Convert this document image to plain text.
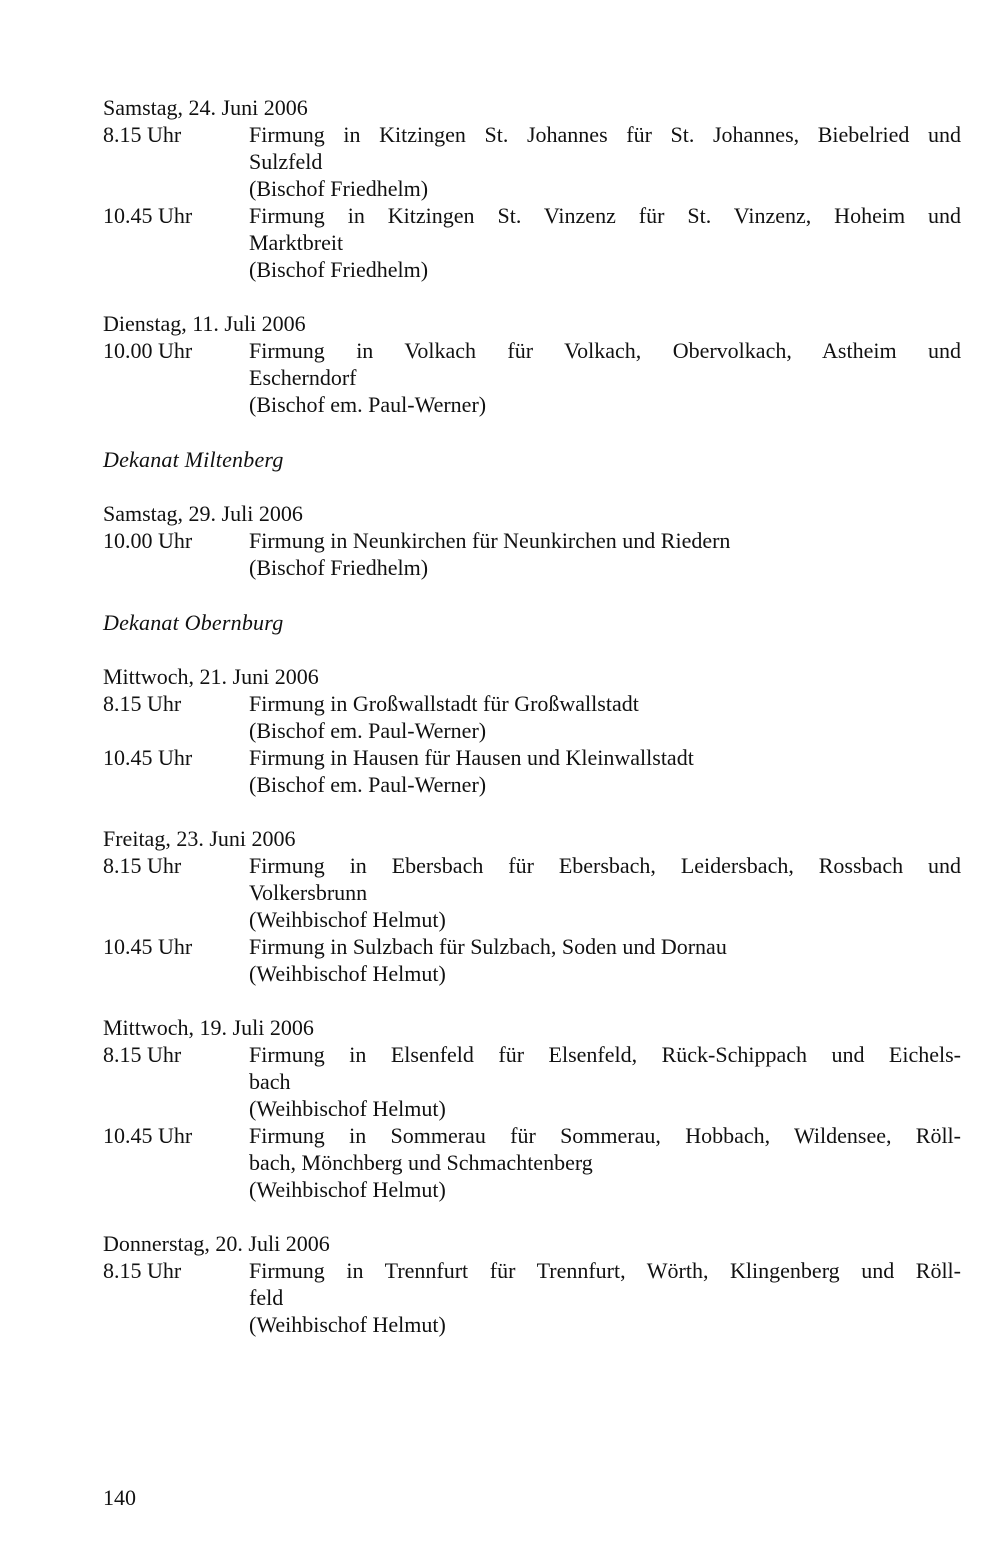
Samstag, 24. Juni 2006
8.15 Uhr	Firmung in Kitzingen St. Johannes für St. Johannes, Biebelried und
Sulzfeld
(Bischof Friedhelm)
10.45 Uhr	Firmung in Kitzingen St. Vinzenz für St. Vinzenz, Hoheim und
Marktbreit
(Bischof Friedhelm)
Dienstag, 11. Juli 2006
10.00 Uhr	Firmung in Volkach für Volkach, Obervolkach, Astheim und
Escherndorf
(Bischof em. Paul-Werner)
Dekanat Miltenberg
Samstag, 29. Juli 2006
10.00 Uhr	Firmung in Neunkirchen für Neunkirchen und Riedern
(Bischof Friedhelm)
Dekanat Obernburg
Mittwoch, 21. Juni 2006
8.15 Uhr	Firmung in Großwallstadt für Großwallstadt
(Bischof em. Paul-Werner)
10.45 Uhr	Firmung in Hausen für Hausen und Kleinwallstadt
(Bischof em. Paul-Werner)
Freitag, 23. Juni 2006
8.15 Uhr	Firmung in Ebersbach für Ebersbach, Leidersbach, Rossbach und
Volkersbrunn
(Weihbischof Helmut)
10.45 Uhr	Firmung in Sulzbach für Sulzbach, Soden und Dornau
(Weihbischof Helmut)
Mittwoch, 19. Juli 2006
8.15 Uhr	Firmung in Elsenfeld für Elsenfeld, Rück-Schippach und Eichels-
bach
(Weihbischof Helmut)
10.45 Uhr	Firmung in Sommerau für Sommerau, Hobbach, Wildensee, Röll-
bach, Mönchberg und Schmachtenberg
(Weihbischof Helmut)
Donnerstag, 20. Juli 2006
8.15 Uhr	Firmung in Trennfurt für Trennfurt, Wörth, Klingenberg und Röll-
feld
(Weihbischof Helmut)
140
